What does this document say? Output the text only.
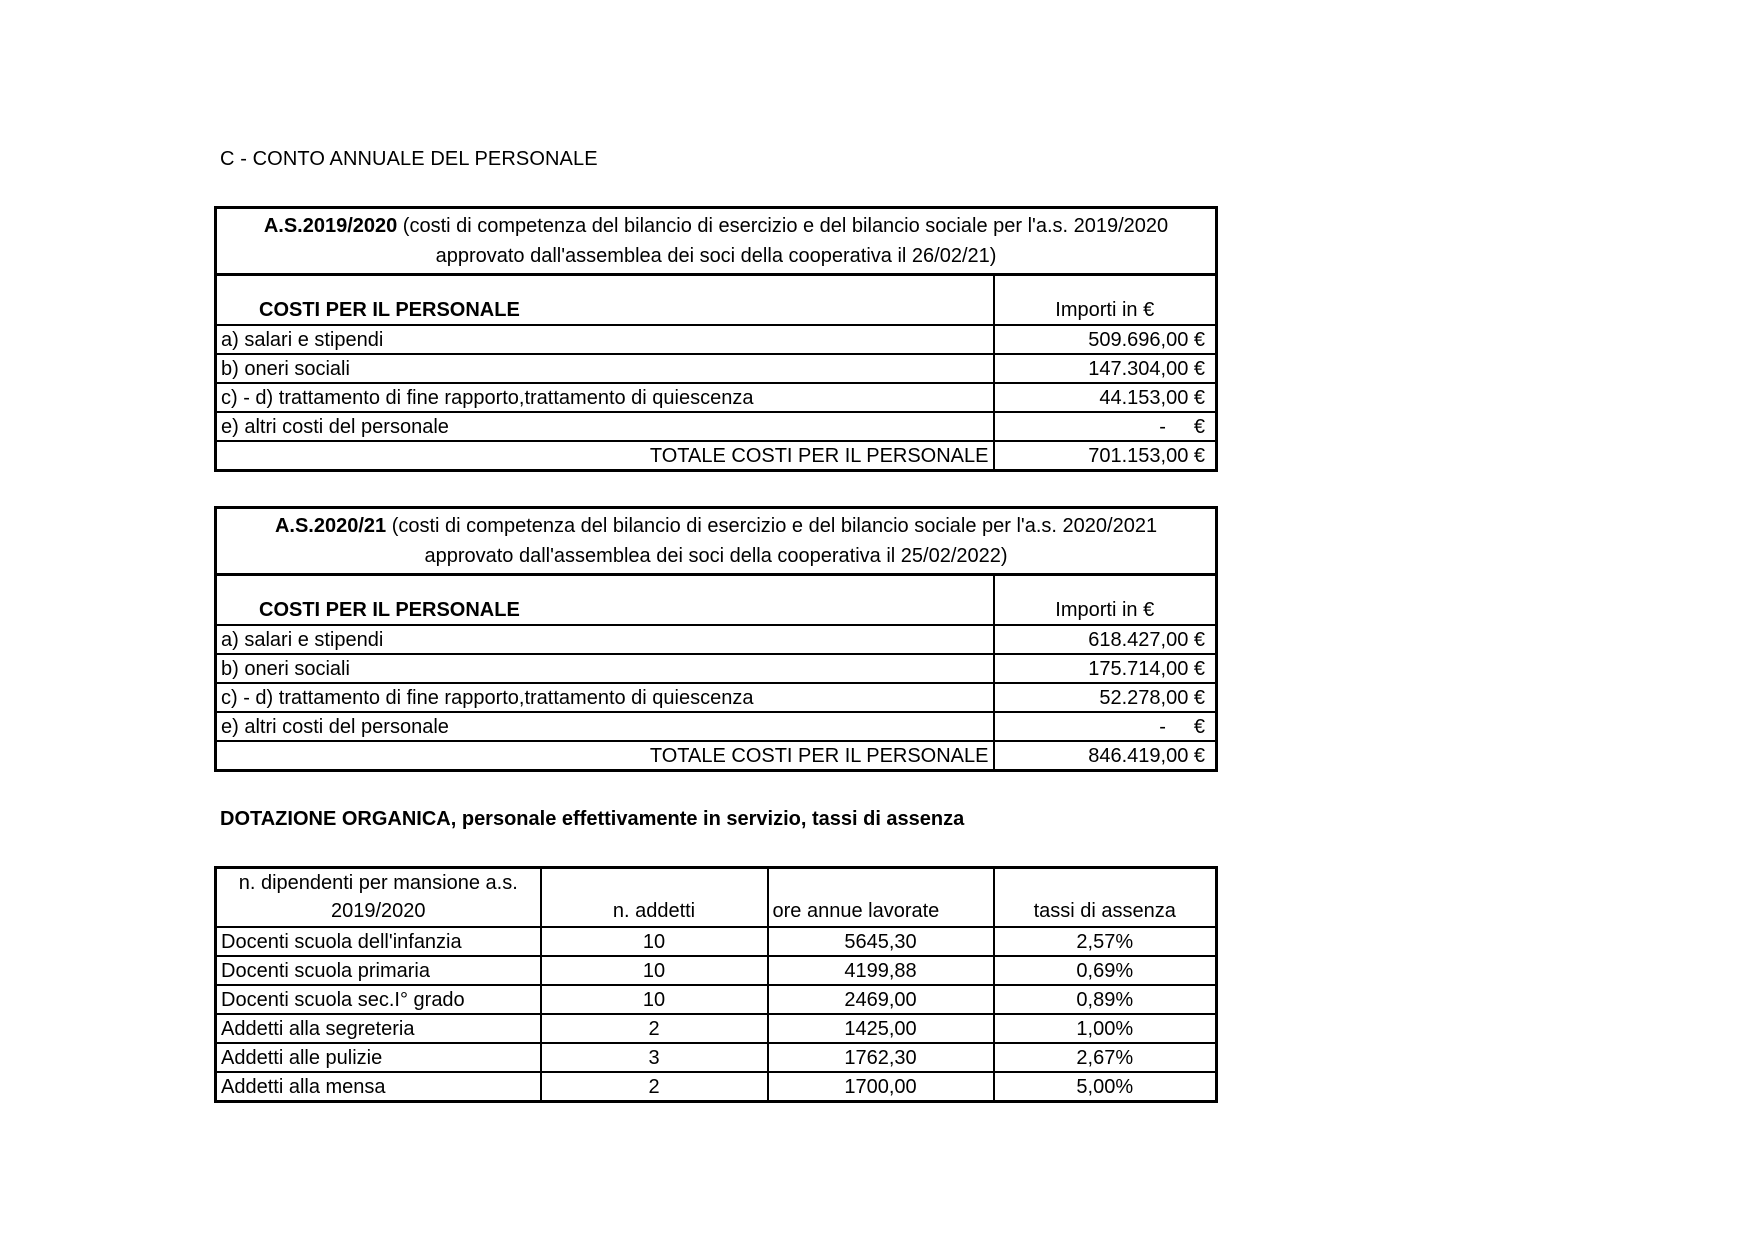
C - CONTO ANNUALE DEL PERSONALE
A.S.2019/2020 (costi di competenza del bilancio di esercizio e del bilancio sociale per l'a.s. 2019/2020
approvato dall'assemblea dei soci della cooperativa il 26/02/21)	
COSTI PER IL PERSONALE	Importi in €
a) salari e stipendi	509.696,00 €
b) oneri sociali	147.304,00 €
c) - d) trattamento di fine rapporto,trattamento di quiescenza	44.153,00 €
e) altri costi del personale	- €
TOTALE COSTI PER IL PERSONALE	701.153,00 €
A.S.2020/21 (costi di competenza del bilancio di esercizio e del bilancio sociale per l'a.s. 2020/2021
approvato dall'assemblea dei soci della cooperativa il 25/02/2022)	
COSTI PER IL PERSONALE	Importi in €
a) salari e stipendi	618.427,00 €
b) oneri sociali	175.714,00 €
c) - d) trattamento di fine rapporto,trattamento di quiescenza	52.278,00 €
e) altri costi del personale	- €
TOTALE COSTI PER IL PERSONALE	846.419,00 €
DOTAZIONE ORGANICA, personale effettivamente in servizio, tassi di assenza
n. dipendenti per mansione a.s.
2019/2020	n. addetti	ore annue lavorate	tassi di assenza
Docenti scuola dell'infanzia	10	5645,30	2,57%
Docenti scuola primaria	10	4199,88	0,69%
Docenti scuola sec.I° grado	10	2469,00	0,89%
Addetti alla segreteria	2	1425,00	1,00%
Addetti alle pulizie	3	1762,30	2,67%
Addetti alla mensa	2	1700,00	5,00%
